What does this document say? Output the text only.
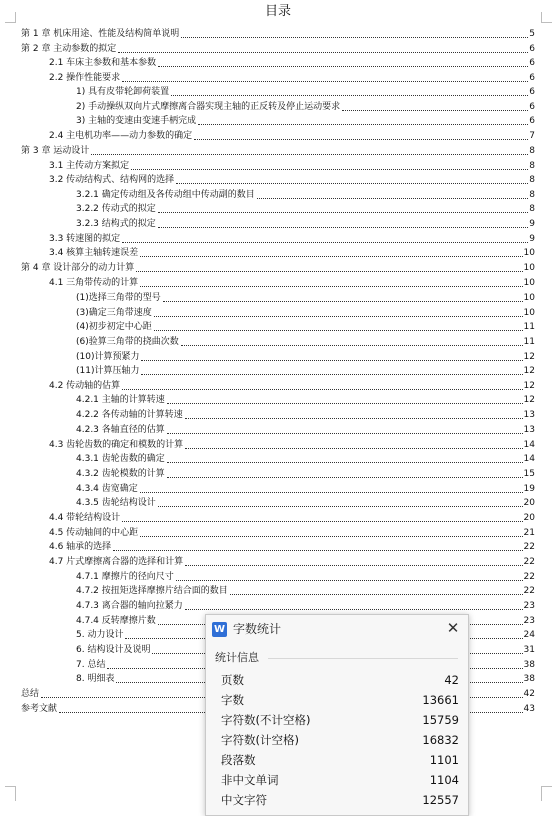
目录
第 1 章 机床用途、性能及结构简单说明	5
第 2 章 主动参数的拟定	6
2.1 车床主参数和基本参数	6
2.2 操作性能要求	6
1) 具有皮带轮卸荷装置	6
2) 手动操纵双向片式摩擦离合器实现主轴的正反转及停止运动要求	6
3) 主轴的变速由变速手柄完成	6
2.4 主电机功率——动力参数的确定	7
第 3 章 运动设计	8
3.1 主传动方案拟定	8
3.2 传动结构式、结构网的选择	8
3.2.1 确定传动组及各传动组中传动副的数目	8
3.2.2 传动式的拟定	8
3.2.3 结构式的拟定	9
3.3 转速图的拟定	9
3.4 核算主轴转速误差	10
第 4 章 设计部分的动力计算	10
4.1 三角带传动的计算	10
(1)选择三角带的型号	10
(3)确定三角带速度	10
(4)初步初定中心距	11
(6)验算三角带的挠曲次数	11
(10)计算预紧力	12
(11)计算压轴力	12
4.2 传动轴的估算	12
4.2.1 主轴的计算转速	12
4.2.2 各传动轴的计算转速	13
4.2.3 各轴直径的估算	13
4.3 齿轮齿数的确定和模数的计算	14
4.3.1 齿轮齿数的确定	14
4.3.2 齿轮模数的计算	15
4.3.4 齿宽确定	19
4.3.5 齿轮结构设计	20
4.4 带轮结构设计	20
4.5 传动轴间的中心距	21
4.6 轴承的选择	22
4.7 片式摩擦离合器的选择和计算	22
4.7.1 摩擦片的径向尺寸	22
4.7.2 按扭矩选择摩擦片结合面的数目	22
4.7.3 离合器的轴向拉紧力	23
4.7.4 反转摩擦片数	23
5. 动力设计	24
6. 结构设计及说明	31
7. 总结	38
8. 明细表	38
总结	42
参考文献	43
W 字数统计	✕
统计信息
页数	42
字数	13661
字符数(不计空格)	15759
字符数(计空格)	16832
段落数	1101
非中文单词	1104
中文字符	12557
